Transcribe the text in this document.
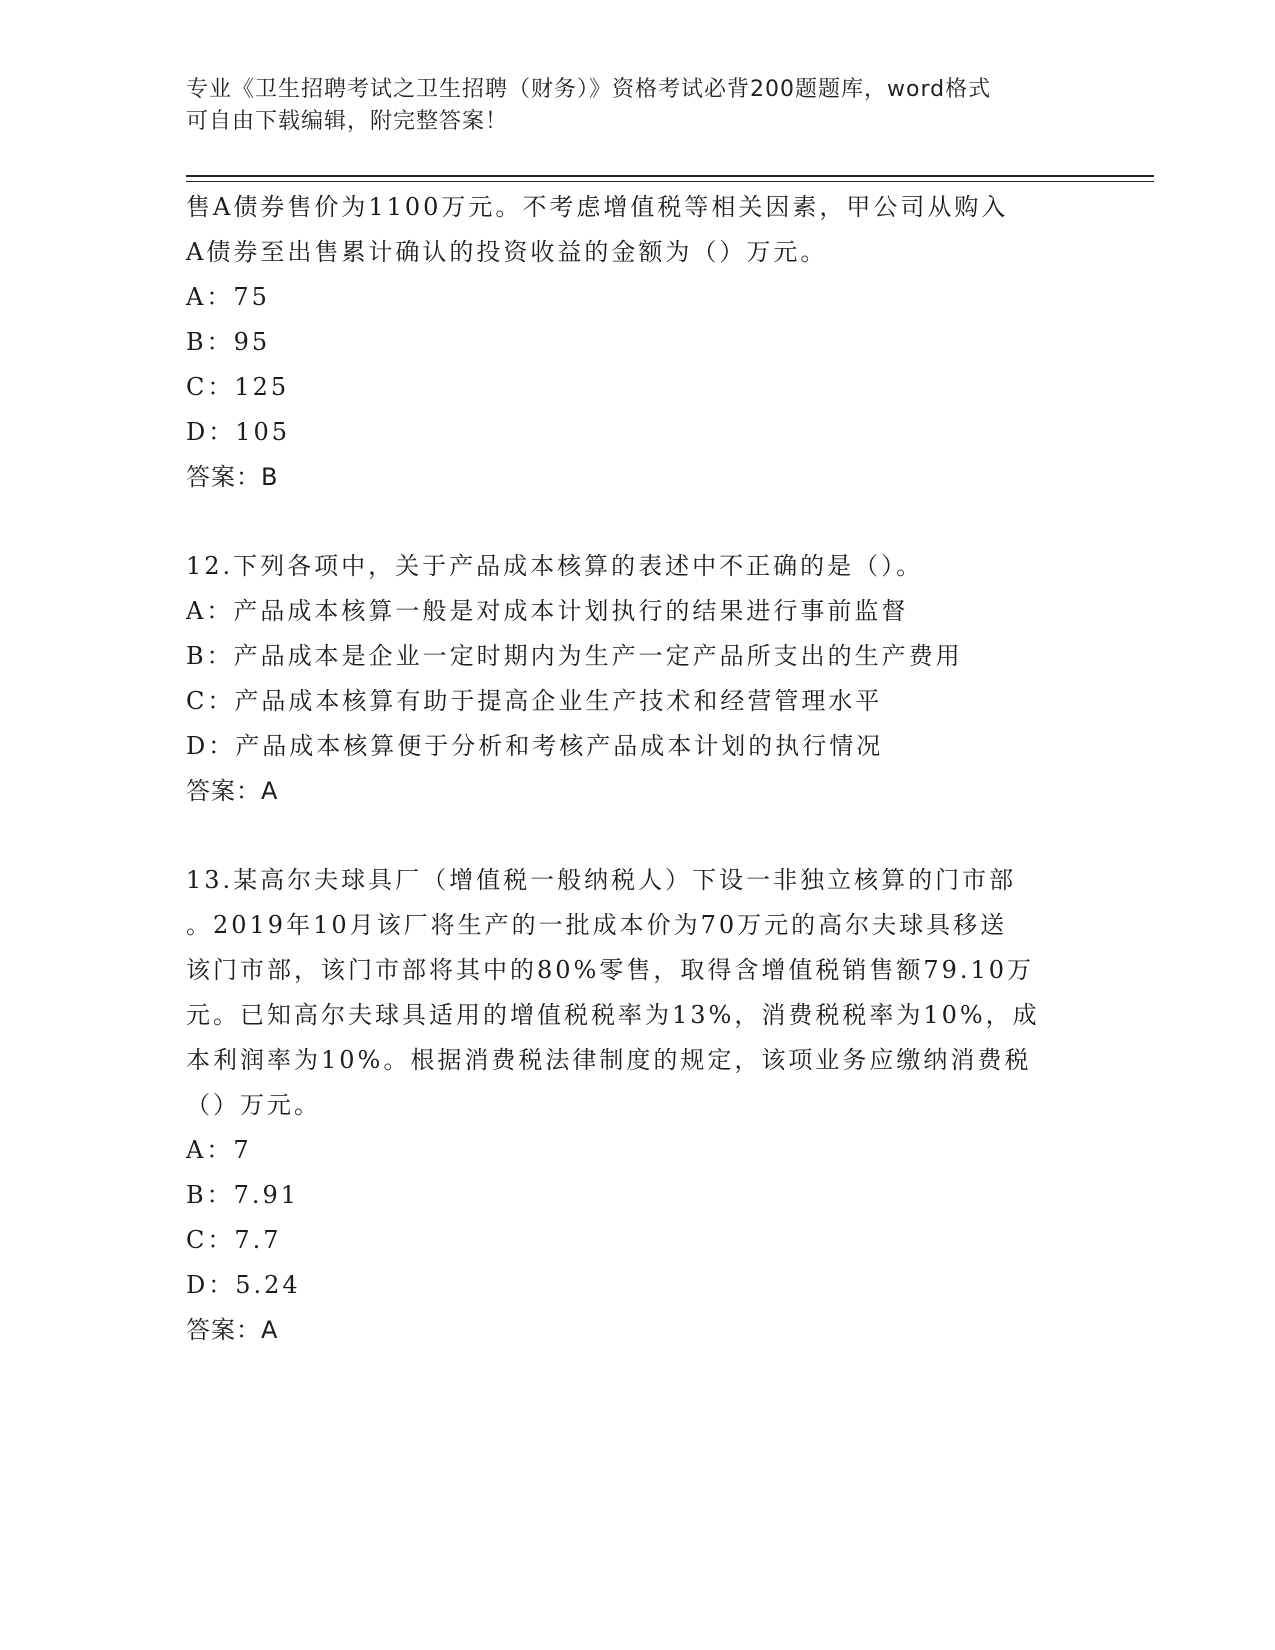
专业《卫生招聘考试之卫生招聘（财务）》资格考试必背200题题库，word格式
可自由下载编辑，附完整答案！
售A债券售价为1100万元。不考虑增值税等相关因素，甲公司从购入
A债券至出售累计确认的投资收益的金额为（）万元。
A：75
B：95
C：125
D：105
答案：B
12.下列各项中，关于产品成本核算的表述中不正确的是（）。
A：产品成本核算一般是对成本计划执行的结果进行事前监督
B：产品成本是企业一定时期内为生产一定产品所支出的生产费用
C：产品成本核算有助于提高企业生产技术和经营管理水平
D：产品成本核算便于分析和考核产品成本计划的执行情况
答案：A
13.某高尔夫球具厂（增值税一般纳税人）下设一非独立核算的门市部
。2019年10月该厂将生产的一批成本价为70万元的高尔夫球具移送
该门市部，该门市部将其中的80%零售，取得含增值税销售额79.10万
元。已知高尔夫球具适用的增值税税率为13%，消费税税率为10%，成
本利润率为10%。根据消费税法律制度的规定，该项业务应缴纳消费税
（）万元。
A：7
B：7.91
C：7.7
D：5.24
答案：A
